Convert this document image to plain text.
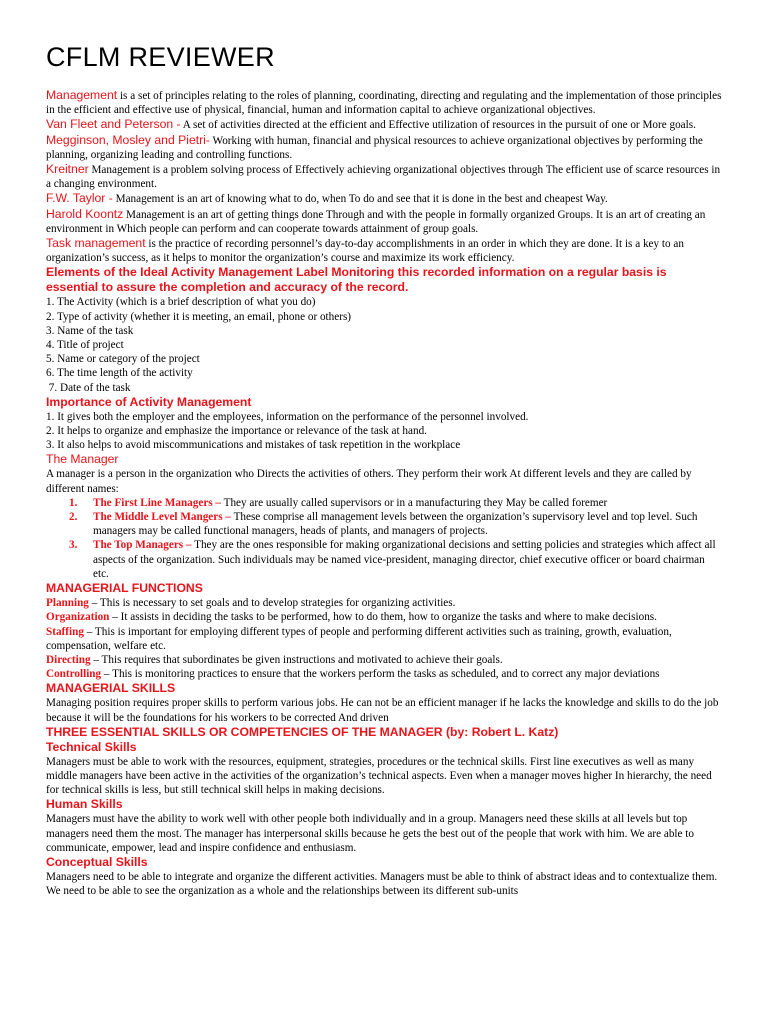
CFLM REVIEWER

Management is a set of principles relating to the roles of planning, coordinating, directing and regulating and the implementation of those principles in the efficient and effective use of physical, financial, human and information capital to achieve organizational objectives.

Van Fleet and Peterson - A set of activities directed at the efficient and Effective utilization of resources in the pursuit of one or More goals.

Megginson, Mosley and Pietri- Working with human, financial and physical resources to achieve organizational objectives by performing the planning, organizing leading and controlling functions.

Kreitner Management is a problem solving process of Effectively achieving organizational objectives through The efficient use of scarce resources in a changing environment.

F.W. Taylor - Management is an art of knowing what to do, when To do and see that it is done in the best and cheapest Way.

Harold Koontz Management is an art of getting things done Through and with the people in formally organized Groups. It is an art of creating an environment in Which people can perform and can cooperate towards attainment of group goals.

Task management is the practice of recording personnel’s day-to-day accomplishments in an order in which they are done. It is a key to an organization’s success, as it helps to monitor the organization’s course and maximize its work efficiency.

Elements of the Ideal Activity Management Label Monitoring this recorded information on a regular basis is essential to assure the completion and accuracy of the record.

1. The Activity (which is a brief description of what you do)

2. Type of activity (whether it is meeting, an email, phone or others)

3. Name of the task

4. Title of project

5. Name or category of the project

6. The time length of the activity

7. Date of the task

Importance of Activity Management

1. It gives both the employer and the employees, information on the performance of the personnel involved.

2. It helps to organize and emphasize the importance or relevance of the task at hand.

3. It also helps to avoid miscommunications and mistakes of task repetition in the workplace

The Manager

A manager is a person in the organization who Directs the activities of others. They perform their work At different levels and they are called by different names:

1. The First Line Managers – They are usually called supervisors or in a manufacturing they May be called foremer

2. The Middle Level Mangers – These comprise all management levels between the organization’s supervisory level and top level. Such managers may be called functional managers, heads of plants, and managers of projects.

3. The Top Managers – They are the ones responsible for making organizational decisions and setting policies and strategies which affect all aspects of the organization. Such individuals may be named vice-president, managing director, chief executive officer or board chairman etc.

MANAGERIAL FUNCTIONS

Planning – This is necessary to set goals and to develop strategies for organizing activities.

Organization – It assists in deciding the tasks to be performed, how to do them, how to organize the tasks and where to make decisions.

Staffing – This is important for employing different types of people and performing different activities such as training, growth, evaluation, compensation, welfare etc.

Directing – This requires that subordinates be given instructions and motivated to achieve their goals.

Controlling – This is monitoring practices to ensure that the workers perform the tasks as scheduled, and to correct any major deviations

MANAGERIAL SKILLS

Managing position requires proper skills to perform various jobs. He can not be an efficient manager if he lacks the knowledge and skills to do the job because it will be the foundations for his workers to be corrected And driven

THREE ESSENTIAL SKILLS OR COMPETENCIES OF THE MANAGER (by: Robert L. Katz)
Technical Skills

Managers must be able to work with the resources, equipment, strategies, procedures or the technical skills. First line executives as well as many middle managers have been active in the activities of the organization’s technical aspects. Even when a manager moves higher In hierarchy, the need for technical skills is less, but still technical skill helps in making decisions.

Human Skills

Managers must have the ability to work well with other people both individually and in a group. Managers need these skills at all levels but top managers need them the most. The manager has interpersonal skills because he gets the best out of the people that work with him. We are able to communicate, empower, lead and inspire confidence and enthusiasm.

Conceptual Skills

Managers need to be able to integrate and organize the different activities. Managers must be able to think of abstract ideas and to contextualize them. We need to be able to see the organization as a whole and the relationships between its different sub-units
